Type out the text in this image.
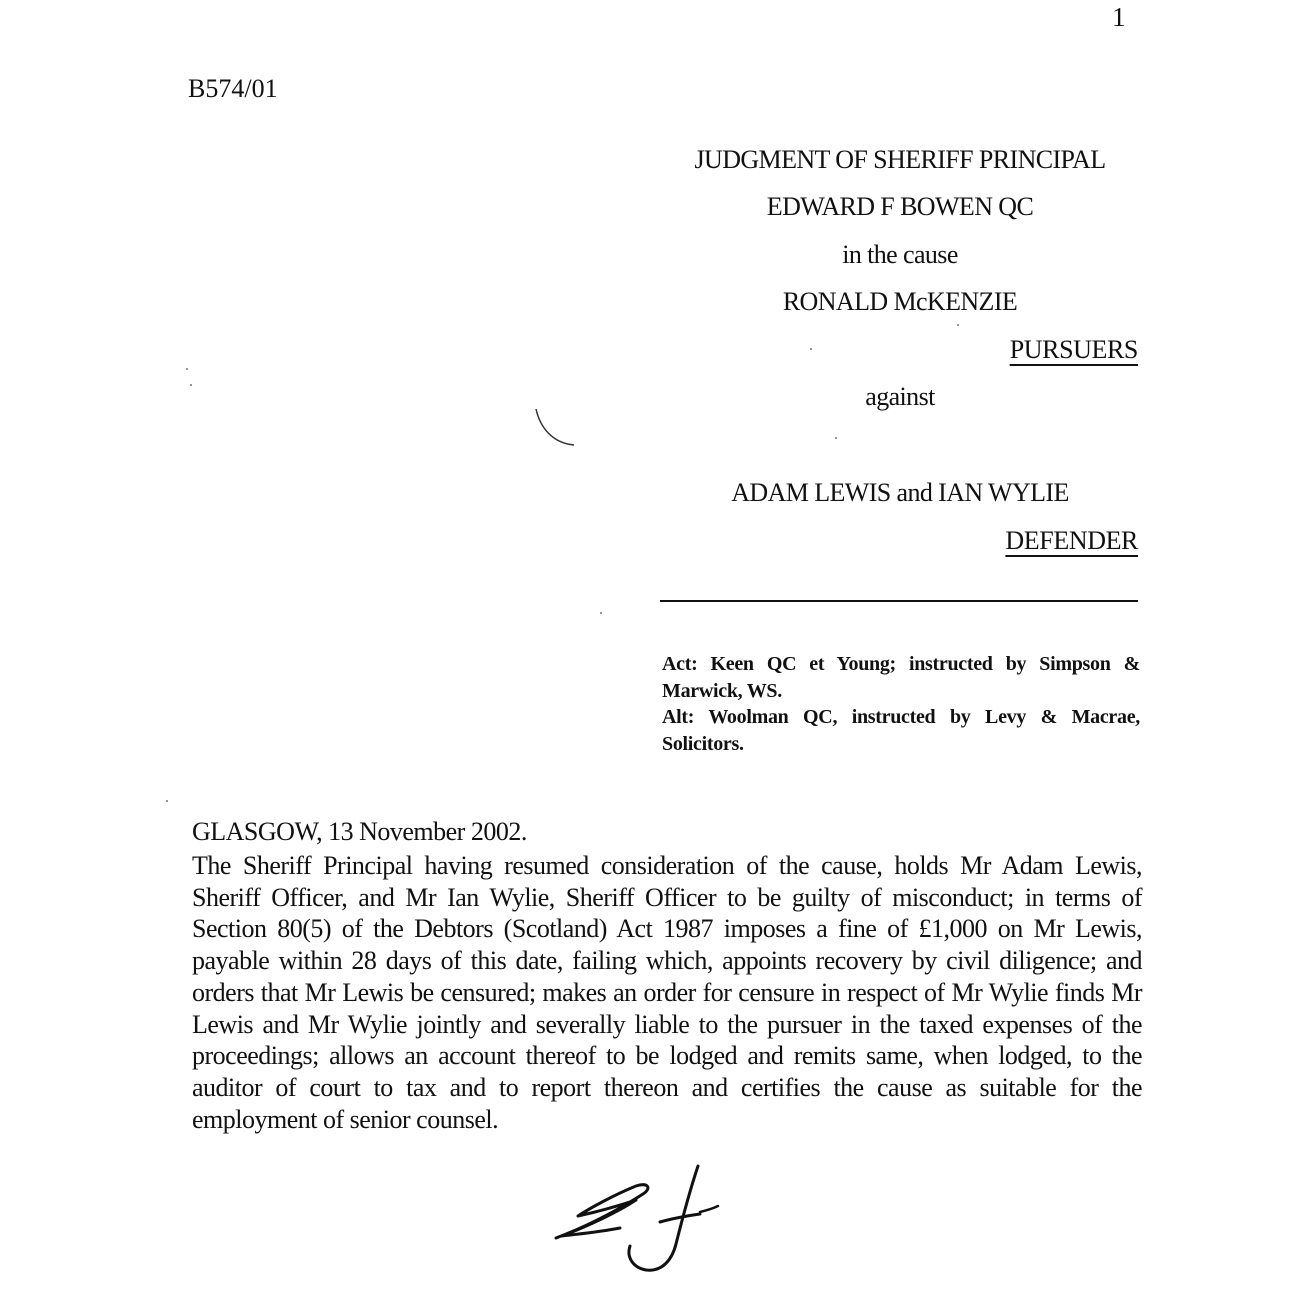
1
B574/01
JUDGMENT OF SHERIFF PRINCIPAL
EDWARD F BOWEN QC
in the cause
RONALD McKENZIE
PURSUERS
against
ADAM LEWIS and IAN WYLIE
DEFENDER

Act: Keen QC et Young; instructed by Simpson & Marwick, WS.

Alt: Woolman QC, instructed by Levy & Macrae, Solicitors.

GLASGOW, 13 November 2002.

The Sheriff Principal having resumed consideration of the cause, holds Mr Adam Lewis, Sheriff Officer, and Mr Ian Wylie, Sheriff Officer to be guilty of misconduct; in terms of Section 80(5) of the Debtors (Scotland) Act 1987 imposes a fine of £1,000 on Mr Lewis, payable within 28 days of this date, failing which, appoints recovery by civil diligence; and orders that Mr Lewis be censured; makes an order for censure in respect of Mr Wylie finds Mr Lewis and Mr Wylie jointly and severally liable to the pursuer in the taxed expenses of the proceedings; allows an account thereof to be lodged and remits same, when lodged, to the auditor of court to tax and to report thereon and certifies the cause as suitable for the employment of senior counsel.
